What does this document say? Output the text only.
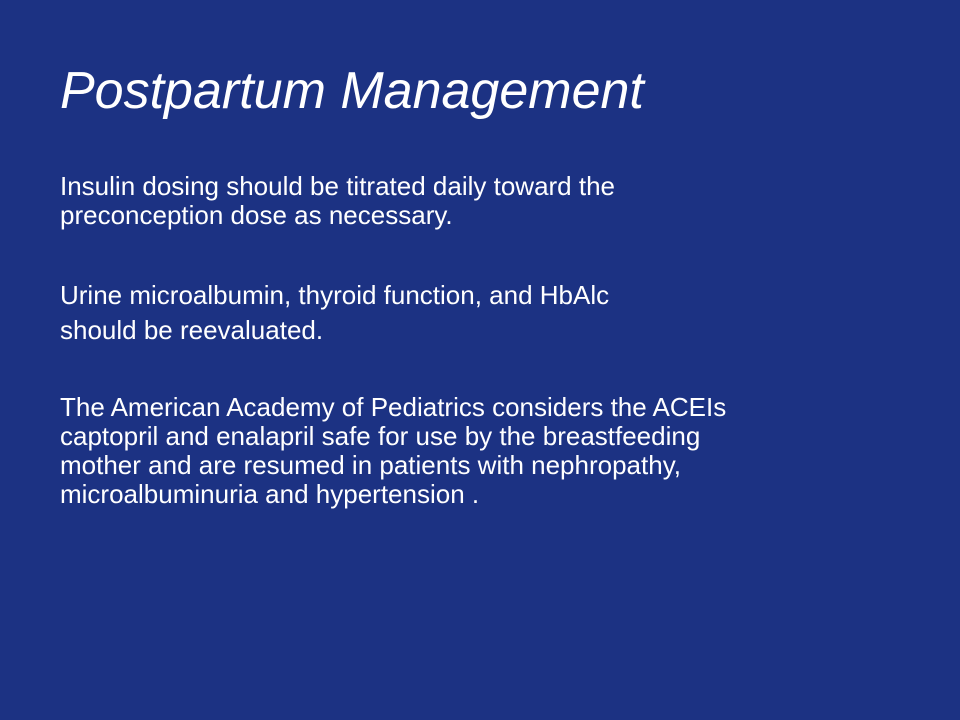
Postpartum Management

Insulin dosing should be titrated daily toward the
preconception dose as necessary.

Urine microalbumin, thyroid function, and HbAlc
should be reevaluated.

The American Academy of Pediatrics considers the ACEIs
captopril and enalapril safe for use by the breastfeeding
mother and are resumed in patients with nephropathy,
microalbuminuria and hypertension .
